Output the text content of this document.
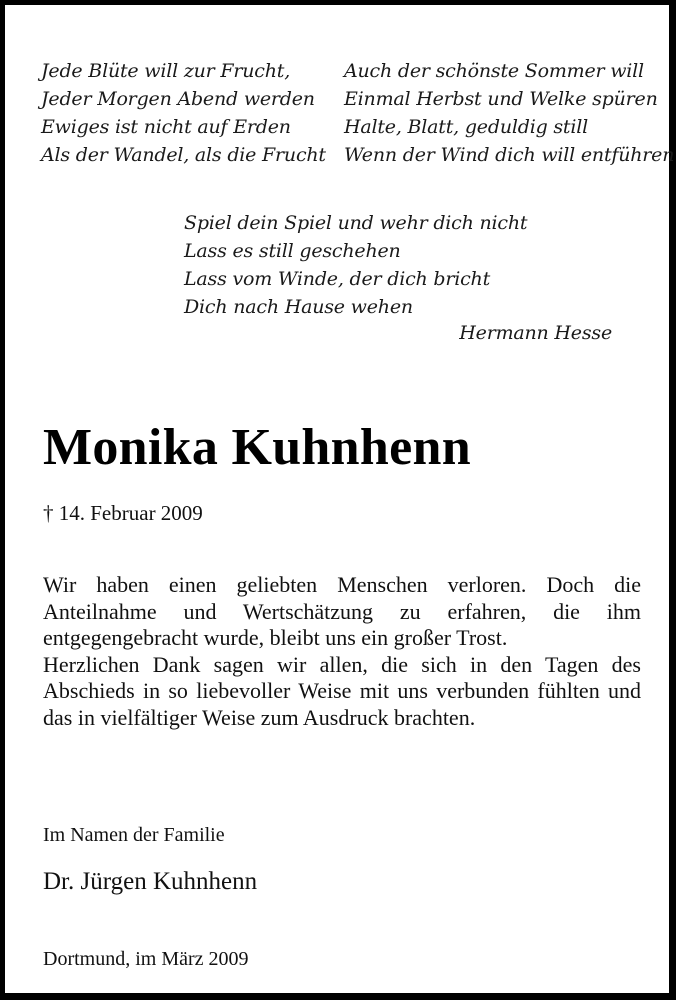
Jede Blüte will zur Frucht,
Jeder Morgen Abend werden
Ewiges ist nicht auf Erden
Als der Wandel, als die Frucht
Auch der schönste Sommer will
Einmal Herbst und Welke spüren
Halte, Blatt, geduldig still
Wenn der Wind dich will entführen
Spiel dein Spiel und wehr dich nicht
Lass es still geschehen
Lass vom Winde, der dich bricht
Dich nach Hause wehen
Hermann Hesse
Monika Kuhnhenn
† 14. Februar 2009

Wir haben einen geliebten Menschen verloren. Doch die Anteilnahme und Wertschätzung zu erfahren, die ihm entgegengebracht wurde, bleibt uns ein großer Trost.

Herzlichen Dank sagen wir allen, die sich in den Tagen des Abschieds in so liebevoller Weise mit uns verbunden fühlten und das in vielfältiger Weise zum Ausdruck brachten.

Im Namen der Familie
Dr. Jürgen Kuhnhenn
Dortmund, im März 2009
